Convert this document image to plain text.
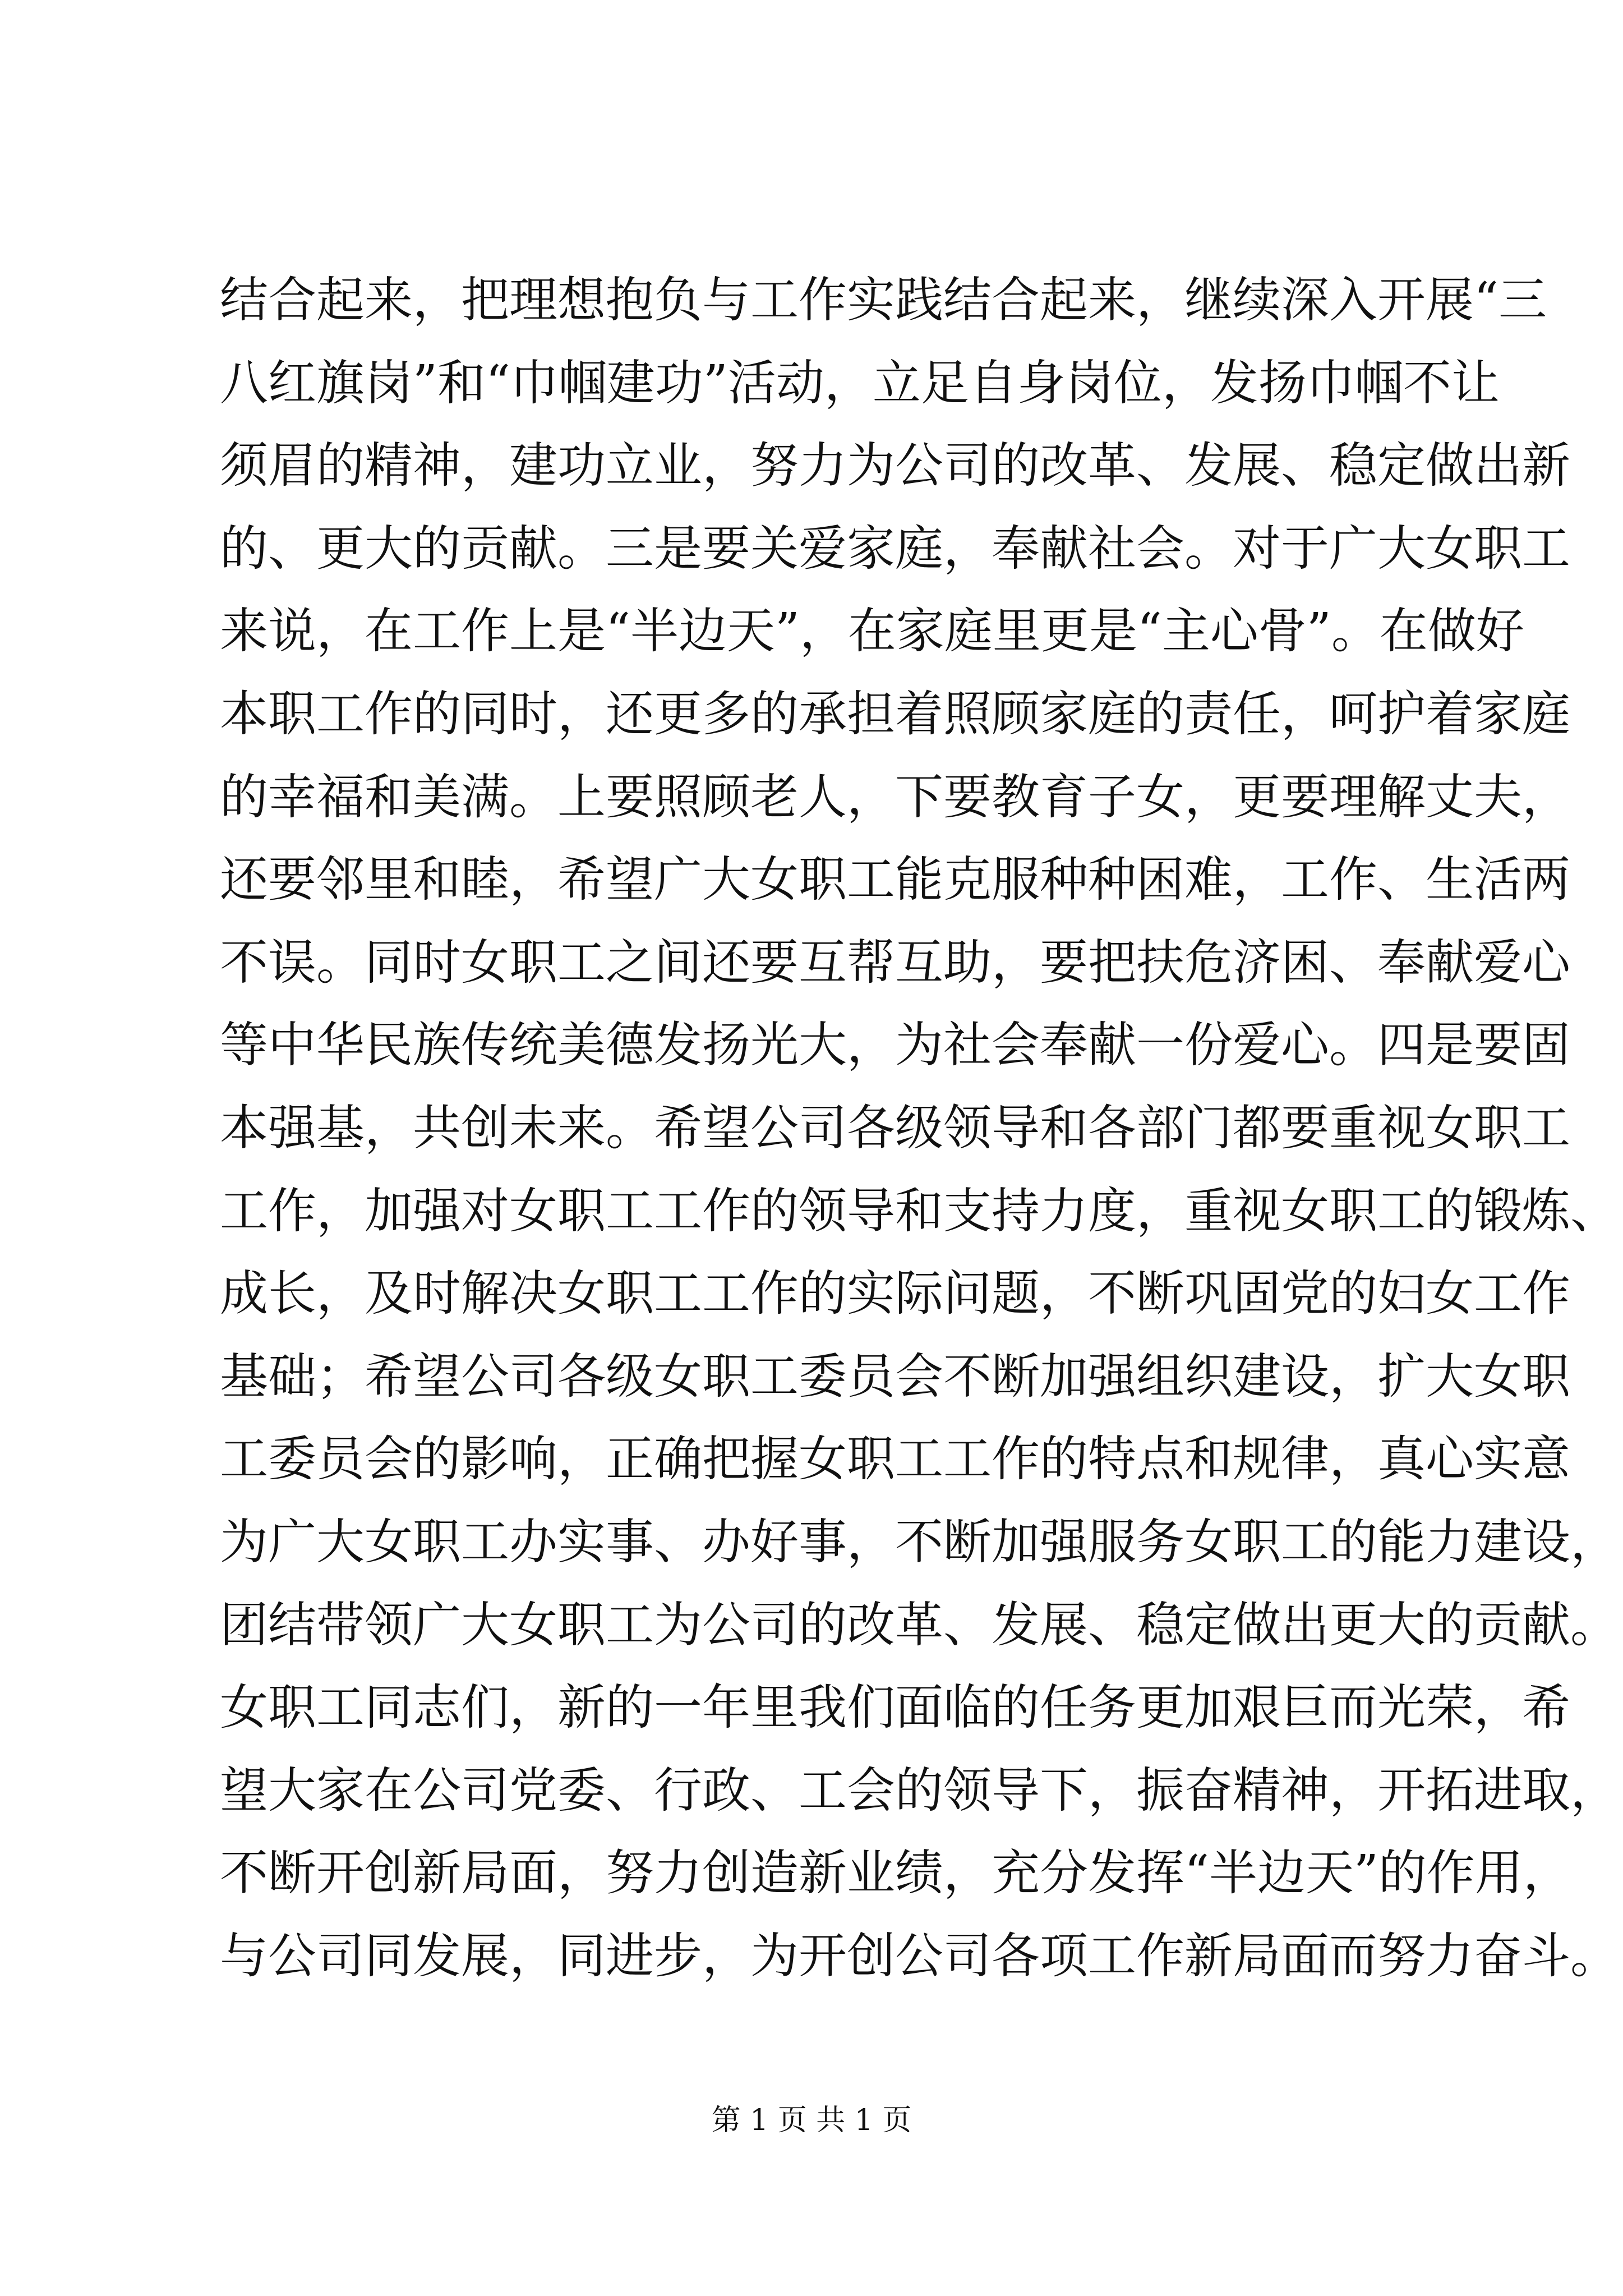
结合起来，把理想抱负与工作实践结合起来，继续深入开展“三
八红旗岗”和“巾帼建功”活动，立足自身岗位，发扬巾帼不让
须眉的精神，建功立业，努力为公司的改革、发展、稳定做出新
的、更大的贡献。三是要关爱家庭，奉献社会。对于广大女职工
来说，在工作上是“半边天”，在家庭里更是“主心骨”。在做好
本职工作的同时，还更多的承担着照顾家庭的责任，呵护着家庭
的幸福和美满。上要照顾老人，下要教育子女，更要理解丈夫，
还要邻里和睦，希望广大女职工能克服种种困难，工作、生活两
不误。同时女职工之间还要互帮互助，要把扶危济困、奉献爱心
等中华民族传统美德发扬光大，为社会奉献一份爱心。四是要固
本强基，共创未来。希望公司各级领导和各部门都要重视女职工
工作，加强对女职工工作的领导和支持力度，重视女职工的锻炼、
成长，及时解决女职工工作的实际问题，不断巩固党的妇女工作
基础；希望公司各级女职工委员会不断加强组织建设，扩大女职
工委员会的影响，正确把握女职工工作的特点和规律，真心实意
为广大女职工办实事、办好事，不断加强服务女职工的能力建设，
团结带领广大女职工为公司的改革、发展、稳定做出更大的贡献。
女职工同志们，新的一年里我们面临的任务更加艰巨而光荣，希
望大家在公司党委、行政、工会的领导下，振奋精神，开拓进取，
不断开创新局面，努力创造新业绩，充分发挥“半边天”的作用，
与公司同发展，同进步，为开创公司各项工作新局面而努力奋斗。
第 1 页 共 1 页
